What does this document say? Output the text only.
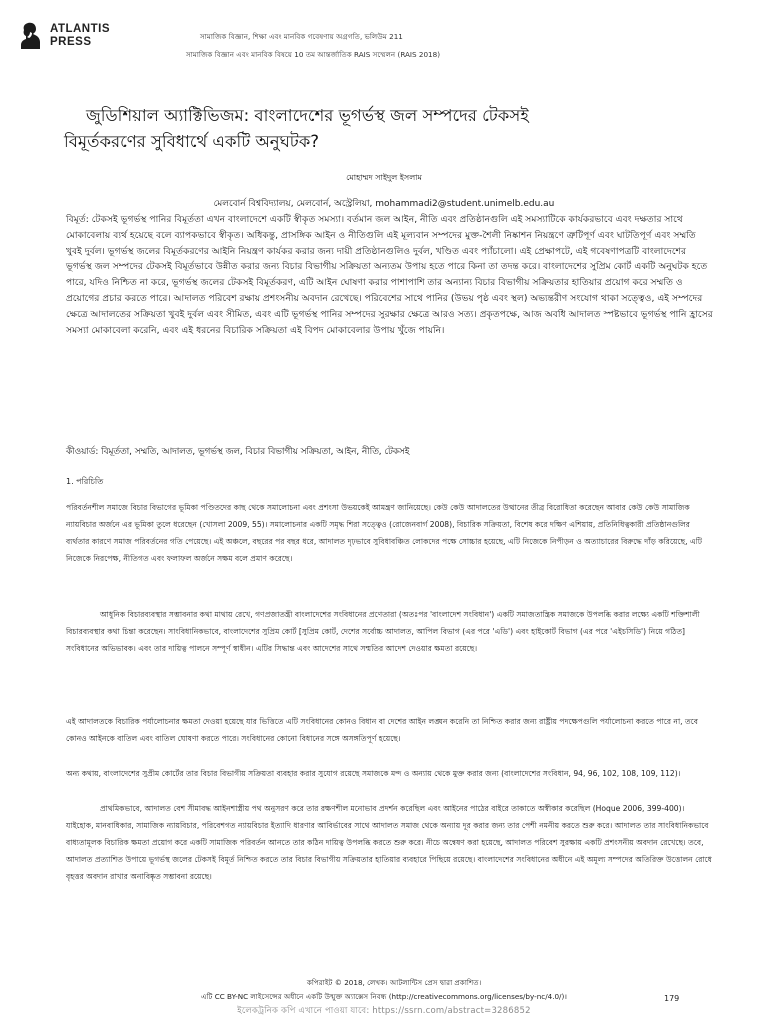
ATLANTIS
PRESS	সামাজিক বিজ্ঞান, শিক্ষা এবং মানবিক গবেষণায় অগ্রগতি, ভলিউম 211
সামাজিক বিজ্ঞান এবং মানবিক বিষয়ে 10 তম আন্তর্জাতিক RAIS সম্মেলন (RAIS 2018)
জুডিশিয়াল অ্যাক্টিভিজম: বাংলাদেশের ভূগর্ভস্থ জল সম্পদের টেকসই
বিমূর্তকরণের সুবিধার্থে একটি অনুঘটক?
মোহাম্মদ সাইদুল ইসলাম
মেলবোর্ন বিশ্ববিদ্যালয়, মেলবোর্ন, অস্ট্রেলিয়া, mohammadi2@student.unimelb.edu.au
বিমূর্ত: টেকসই ভূগর্ভস্থ পানির বিমূর্ততা এখন বাংলাদেশে একটি স্বীকৃত সমস্যা। বর্তমান জল আইন, নীতি এবং প্রতিষ্ঠানগুলি এই সমস্যাটিকে কার্যকরভাবে এবং দক্ষতার সাথে মোকাবেলায় ব্যর্থ হয়েছে বলে ব্যাপকভাবে স্বীকৃত। অধিকন্তু, প্রাসঙ্গিক আইন ও নীতিগুলি এই মূল্যবান সম্পদের মুক্ত-শৈলী নিষ্কাশন নিয়ন্ত্রণে ত্রুটিপূর্ণ এবং ঘাটতিপূর্ণ এবং সম্মতি খুবই দুর্বল। ভূগর্ভস্থ জলের বিমূর্তকরণের আইনি নিয়ন্ত্রণ কার্যকর করার জন্য দায়ী প্রতিষ্ঠানগুলিও দুর্বল, খণ্ডিত এবং প্যাঁচালো। এই প্রেক্ষাপটে, এই গবেষণাপত্রটি বাংলাদেশের ভূগর্ভস্থ জল সম্পদের টেকসই বিমূর্তভাবে উন্নীত করার জন্য বিচার বিভাগীয় সক্রিয়তা অন্যতম উপায় হতে পারে কিনা তা তদন্ত করে। বাংলাদেশের সুপ্রিম কোর্ট একটি অনুঘটক হতে পারে, যদিও নিশ্চিত না করে, ভূগর্ভস্থ জলের টেকসই বিমূর্তকরণ, এটি আইন ঘোষণা করার পাশাপাশি তার অন্যান্য বিচার বিভাগীয় সক্রিয়তার হাতিয়ার প্রয়োগ করে সম্মতি ও প্রয়োগের প্রচার করতে পারে। আদালত পরিবেশ রক্ষায় প্রশংসনীয় অবদান রেখেছে। পরিবেশের সাথে পানির (উভয় পৃষ্ঠ এবং স্থল) অভ্যন্তরীণ সংযোগ থাকা সত্ত্বেও, এই সম্পদের ক্ষেত্রে আদালতের সক্রিয়তা খুবই দুর্বল এবং সীমিত, এবং এটি ভূগর্ভস্থ পানির সম্পদের সুরক্ষার ক্ষেত্রে আরও সত্য। প্রকৃতপক্ষে, আজ অবধি আদালত স্পষ্টভাবে ভূগর্ভস্থ পানি হ্রাসের সমস্যা মোকাবেলা করেনি, এবং এই ধরনের বিচারিক সক্রিয়তা এই বিপদ মোকাবেলার উপায় খুঁজে পায়নি।
কীওয়ার্ড: বিমূর্ততা, সম্মতি, আদালত, ভূগর্ভস্থ জল, বিচার বিভাগীয় সক্রিয়তা, আইন, নীতি, টেকসই
1. পরিচিতি
পরিবর্তনশীল সমাজে বিচার বিভাগের ভূমিকা পণ্ডিতদের কাছ থেকে সমালোচনা এবং প্রশংসা উভয়কেই আমন্ত্রণ জানিয়েছে। কেউ কেউ আদালতের উত্থানের তীব্র বিরোধিতা করেছেন আবার কেউ কেউ সামাজিক ন্যায়বিচার অর্জনে এর ভূমিকা তুলে ধরেছেন (খোসলা 2009, 55)। সমালোচনার একটি সমৃদ্ধ শিরা সত্ত্বেও (রোজেনবার্গ 2008), বিচারিক সক্রিয়তা, বিশেষ করে দক্ষিণ এশিয়ায়, প্রতিনিধিত্বকারী প্রতিষ্ঠানগুলির ব্যর্থতার কারণে সমাজ পরিবর্তনের গতি পেয়েছে। এই অঞ্চলে, বছরের পর বছর ধরে, আদালত দৃঢ়ভাবে সুবিধাবঞ্চিত লোকদের পক্ষে সোচ্চার হয়েছে, এটি নিজেকে নিপীড়ন ও অত্যাচারের বিরুদ্ধে দাঁড় করিয়েছে, এটি নিজেকে নিরপেক্ষ, নীতিগত এবং ফলাফল অর্জনে সক্ষম বলে প্রমাণ করেছে।
আধুনিক বিচারব্যবস্থার সম্ভাবনার কথা মাথায় রেখে, গণপ্রজাতন্ত্রী বাংলাদেশের সংবিধানের প্রণেতারা (অতঃপর 'বাংলাদেশ সংবিধান') একটি সমাজতান্ত্রিক সমাজকে উপলব্ধি করার লক্ষ্যে একটি শক্তিশালী বিচারব্যবস্থার কথা চিন্তা করেছেন। সাংবিধানিকভাবে, বাংলাদেশের সুপ্রিম কোর্ট [সুপ্রিম কোর্ট, দেশের সর্বোচ্চ আদালত, আপিল বিভাগ (এর পরে 'এডি') এবং হাইকোর্ট বিভাগ (এর পরে 'এইচসিডি') নিয়ে গঠিত] সংবিধানের অভিভাবক। এবং তার দায়িত্ব পালনে সম্পূর্ণ স্বাধীন। এটির সিদ্ধান্ত এবং আদেশের সাথে সম্মতির আদেশ দেওয়ার ক্ষমতা রয়েছে।
এই আদালতকে বিচারিক পর্যালোচনার ক্ষমতা দেওয়া হয়েছে যার ভিত্তিতে এটি সংবিধানের কোনও বিধান বা দেশের আইন লঙ্ঘন করেনি তা নিশ্চিত করার জন্য রাষ্ট্রীয় পদক্ষেপগুলি পর্যালোচনা করতে পারে না, তবে কোনও আইনকে বাতিল এবং বাতিল ঘোষণা করতে পারে। সংবিধানের কোনো বিধানের সঙ্গে অসঙ্গতিপূর্ণ হয়েছে।
অন্য কথায়, বাংলাদেশের সুপ্রীম কোর্টের তার বিচার বিভাগীয় সক্রিয়তা ব্যবহার করার সুযোগ রয়েছে সমাজকে মন্দ ও অন্যায় থেকে মুক্ত করার জন্য (বাংলাদেশের সংবিধান, 94, 96, 102, 108, 109, 112)।
প্রাথমিকভাবে, আদালত বেশ সীমাবদ্ধ আইনশাস্ত্রীয় পথ অনুসরণ করে তার রক্ষণশীল মনোভাব প্রদর্শন করেছিল এবং আইনের পাঠের বাইরে তাকাতে অস্বীকার করেছিল (Hoque 2006, 399-400)। যাইহোক, মানবাধিকার, সামাজিক ন্যায়বিচার, পরিবেশগত ন্যায়বিচার ইত্যাদি ধারণার আবির্ভাবের সাথে আদালত সমাজ থেকে অন্যায় দূর করার জন্য তার পেশী নমনীয় করতে শুরু করে। আদালত তার সাংবিধানিকভাবে বাধ্যতামূলক বিচারিক ক্ষমতা প্রয়োগ করে একটি সামাজিক পরিবর্তন আনতে তার কঠিন দায়িত্ব উপলব্ধি করতে শুরু করে। নীচে অন্বেষণ করা হয়েছে, আদালত পরিবেশ সুরক্ষায় একটি প্রশংসনীয় অবদান রেখেছে। তবে, আদালত প্রত্যাশিত উপায়ে ভূগর্ভস্থ জলের টেকসই বিমূর্ত নিশ্চিত করতে তার বিচার বিভাগীয় সক্রিয়তার হাতিয়ার ব্যবহারে পিছিয়ে রয়েছে। বাংলাদেশের সংবিধানের অধীনে এই অমূল্য সম্পদের অতিরিক্ত উত্তোলন রোধে বৃহত্তর অবদান রাখার অনাবিষ্কৃত সম্ভাবনা রয়েছে।
কপিরাইট © 2018, লেখক। আটলান্টিস প্রেস দ্বারা প্রকাশিত।
এটি CC BY-NC লাইসেন্সের অধীনে একটি উন্মুক্ত অ্যাক্সেস নিবন্ধ (http://creativecommons.org/licenses/by-nc/4.0/)।	179
ইলেকট্রনিক কপি এখানে পাওয়া যাবে: https://ssrn.com/abstract=3286852
